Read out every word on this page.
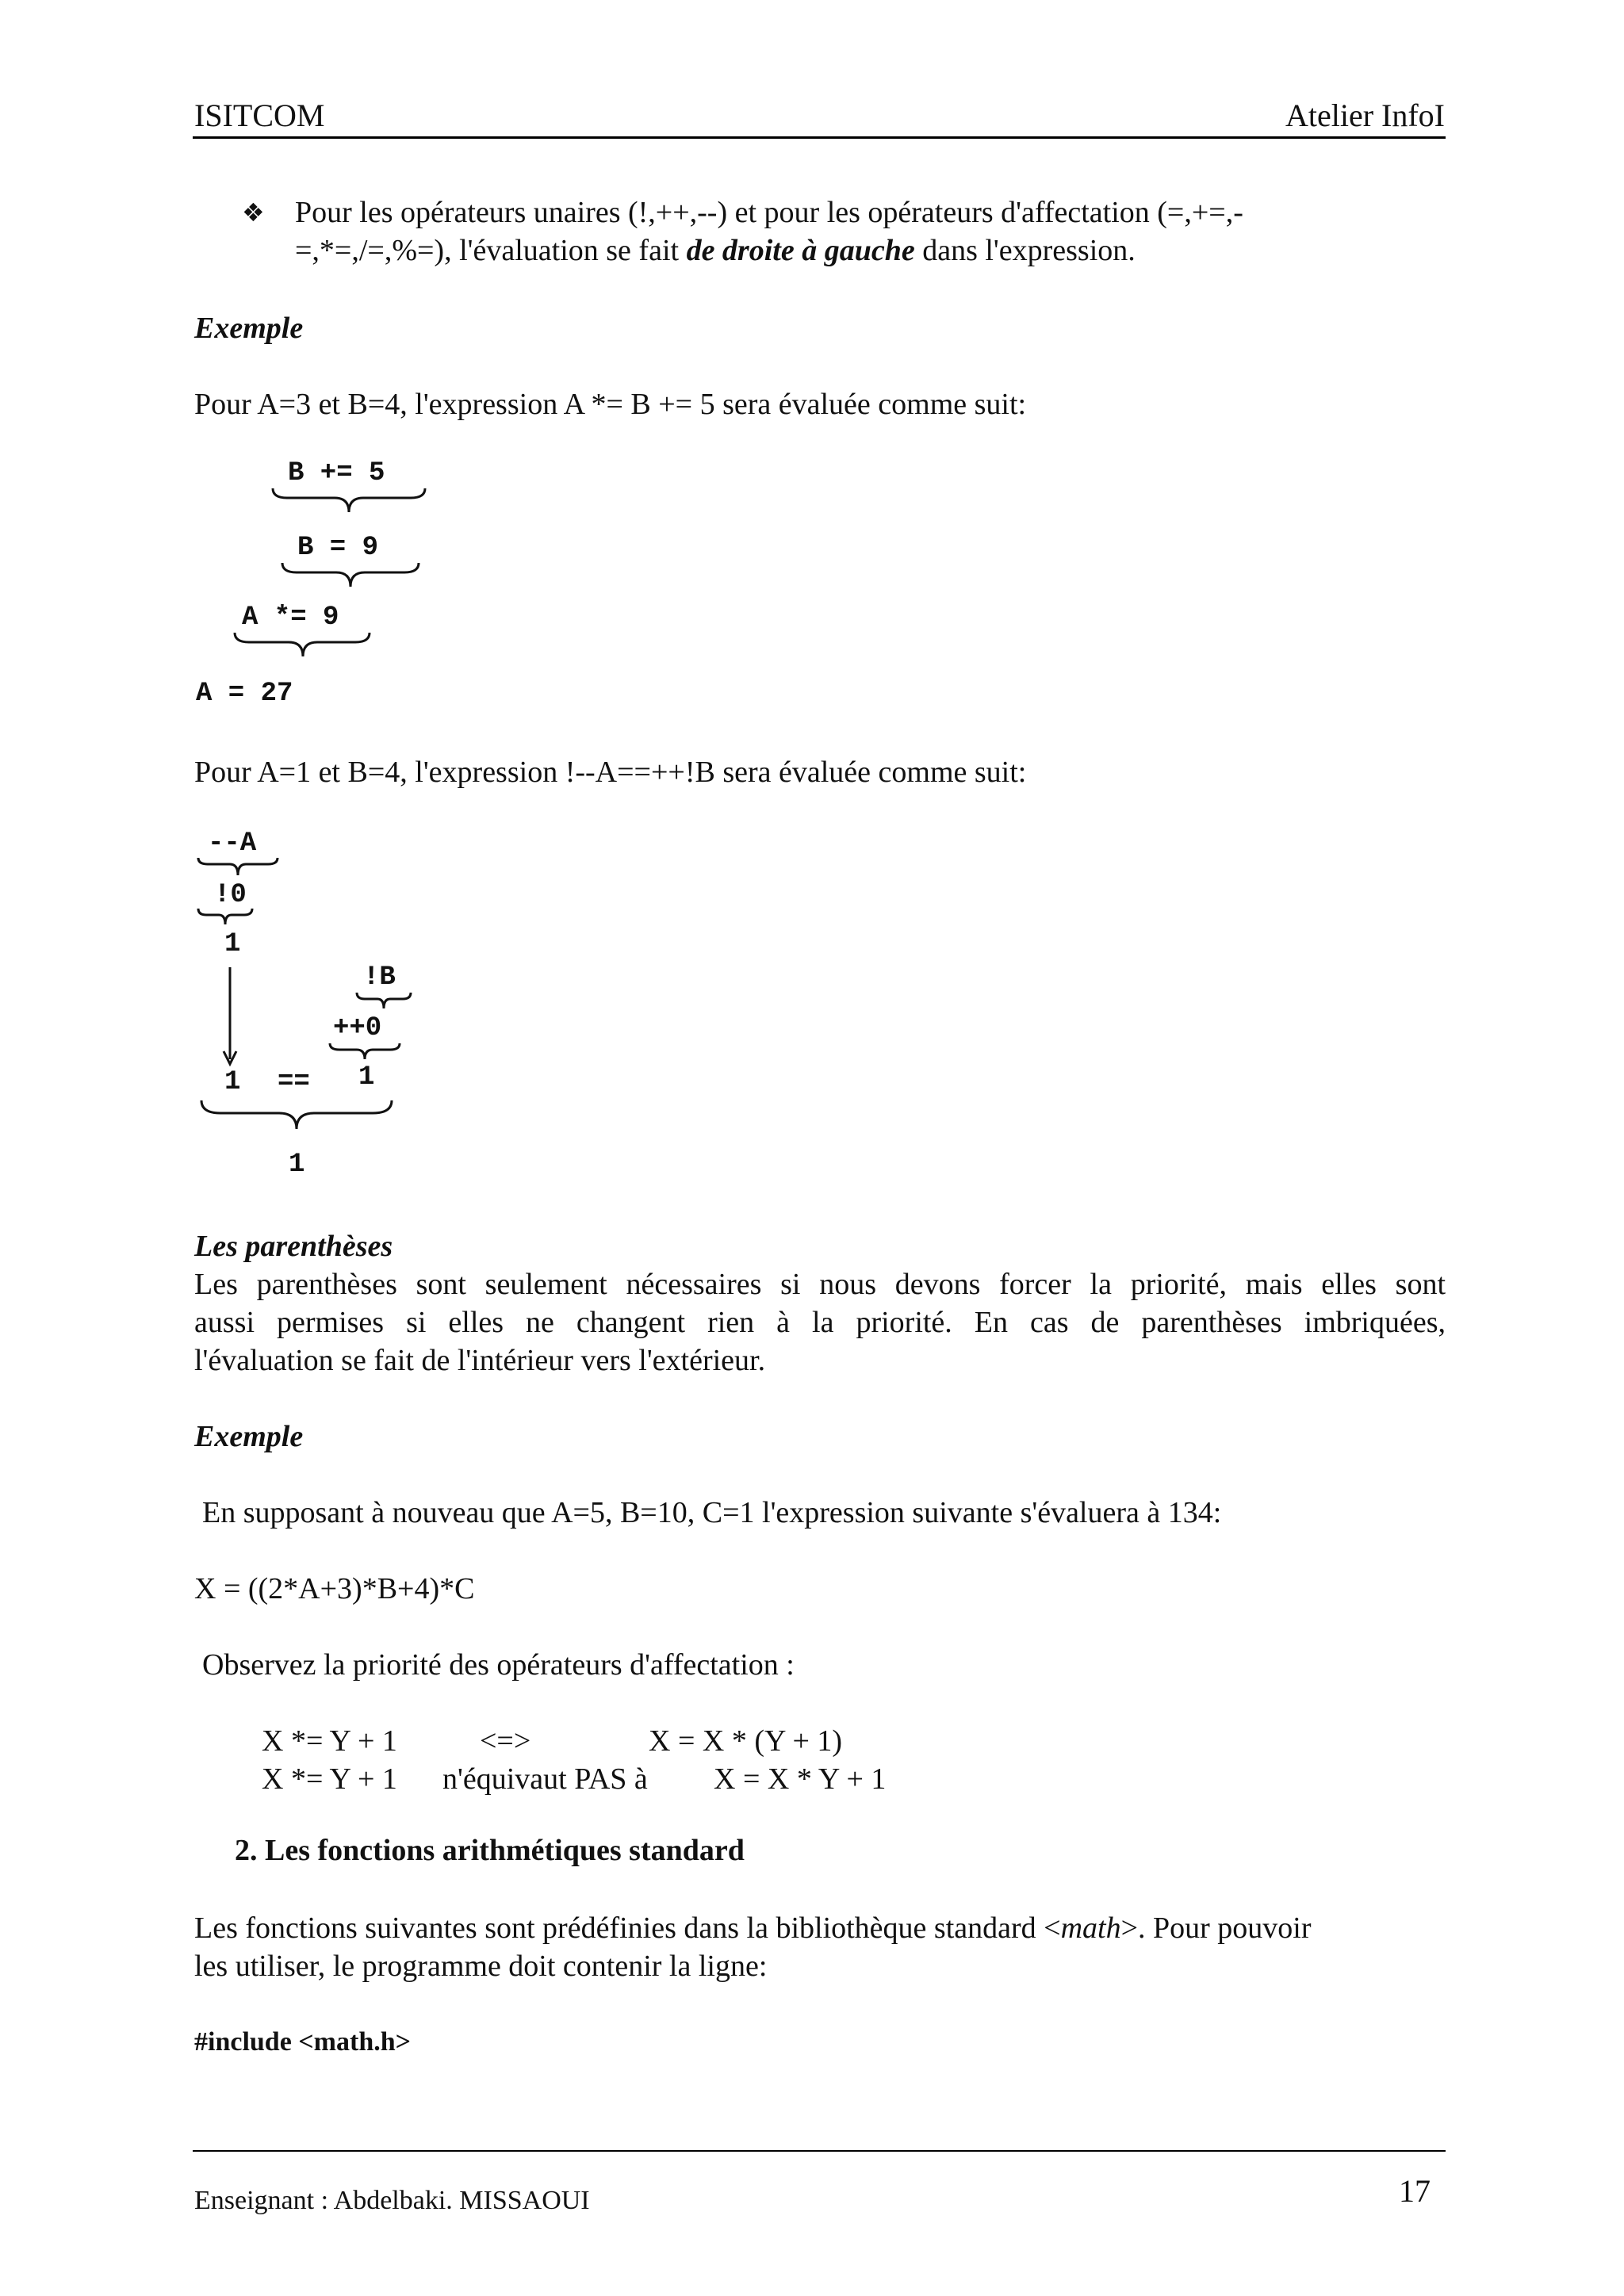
ISITCOM	Atelier InfoI
❖ Pour les opérateurs unaires (!,++,--) et pour les opérateurs d'affectation (=,+=,-
=,*=,/=,%=), l'évaluation se fait de droite à gauche dans l'expression.
Exemple
Pour A=3 et B=4, l'expression A *= B += 5 sera évaluée comme suit:
B += 5
B = 9
A *= 9
A = 27
Pour A=1 et B=4, l'expression !--A==++!B sera évaluée comme suit:
--A
!0
1
!B
++0
1
1 ==
1
Les parenthèses
Les parenthèses sont seulement nécessaires si nous devons forcer la priorité, mais elles sont
aussi permises si elles ne changent rien à la priorité. En cas de parenthèses imbriquées,
l'évaluation se fait de l'intérieur vers l'extérieur.
Exemple
En supposant à nouveau que A=5, B=10, C=1 l'expression suivante s'évaluera à 134:
X = ((2*A+3)*B+4)*C
Observez la priorité des opérateurs d'affectation :
X *= Y + 1	<=>	X = X * (Y + 1)
X *= Y + 1 n'équivaut PAS à X = X * Y + 1
2. Les fonctions arithmétiques standard
Les fonctions suivantes sont prédéfinies dans la bibliothèque standard <math>. Pour pouvoir
les utiliser, le programme doit contenir la ligne:
#include <math.h>
Enseignant : Abdelbaki. MISSAOUI	17
